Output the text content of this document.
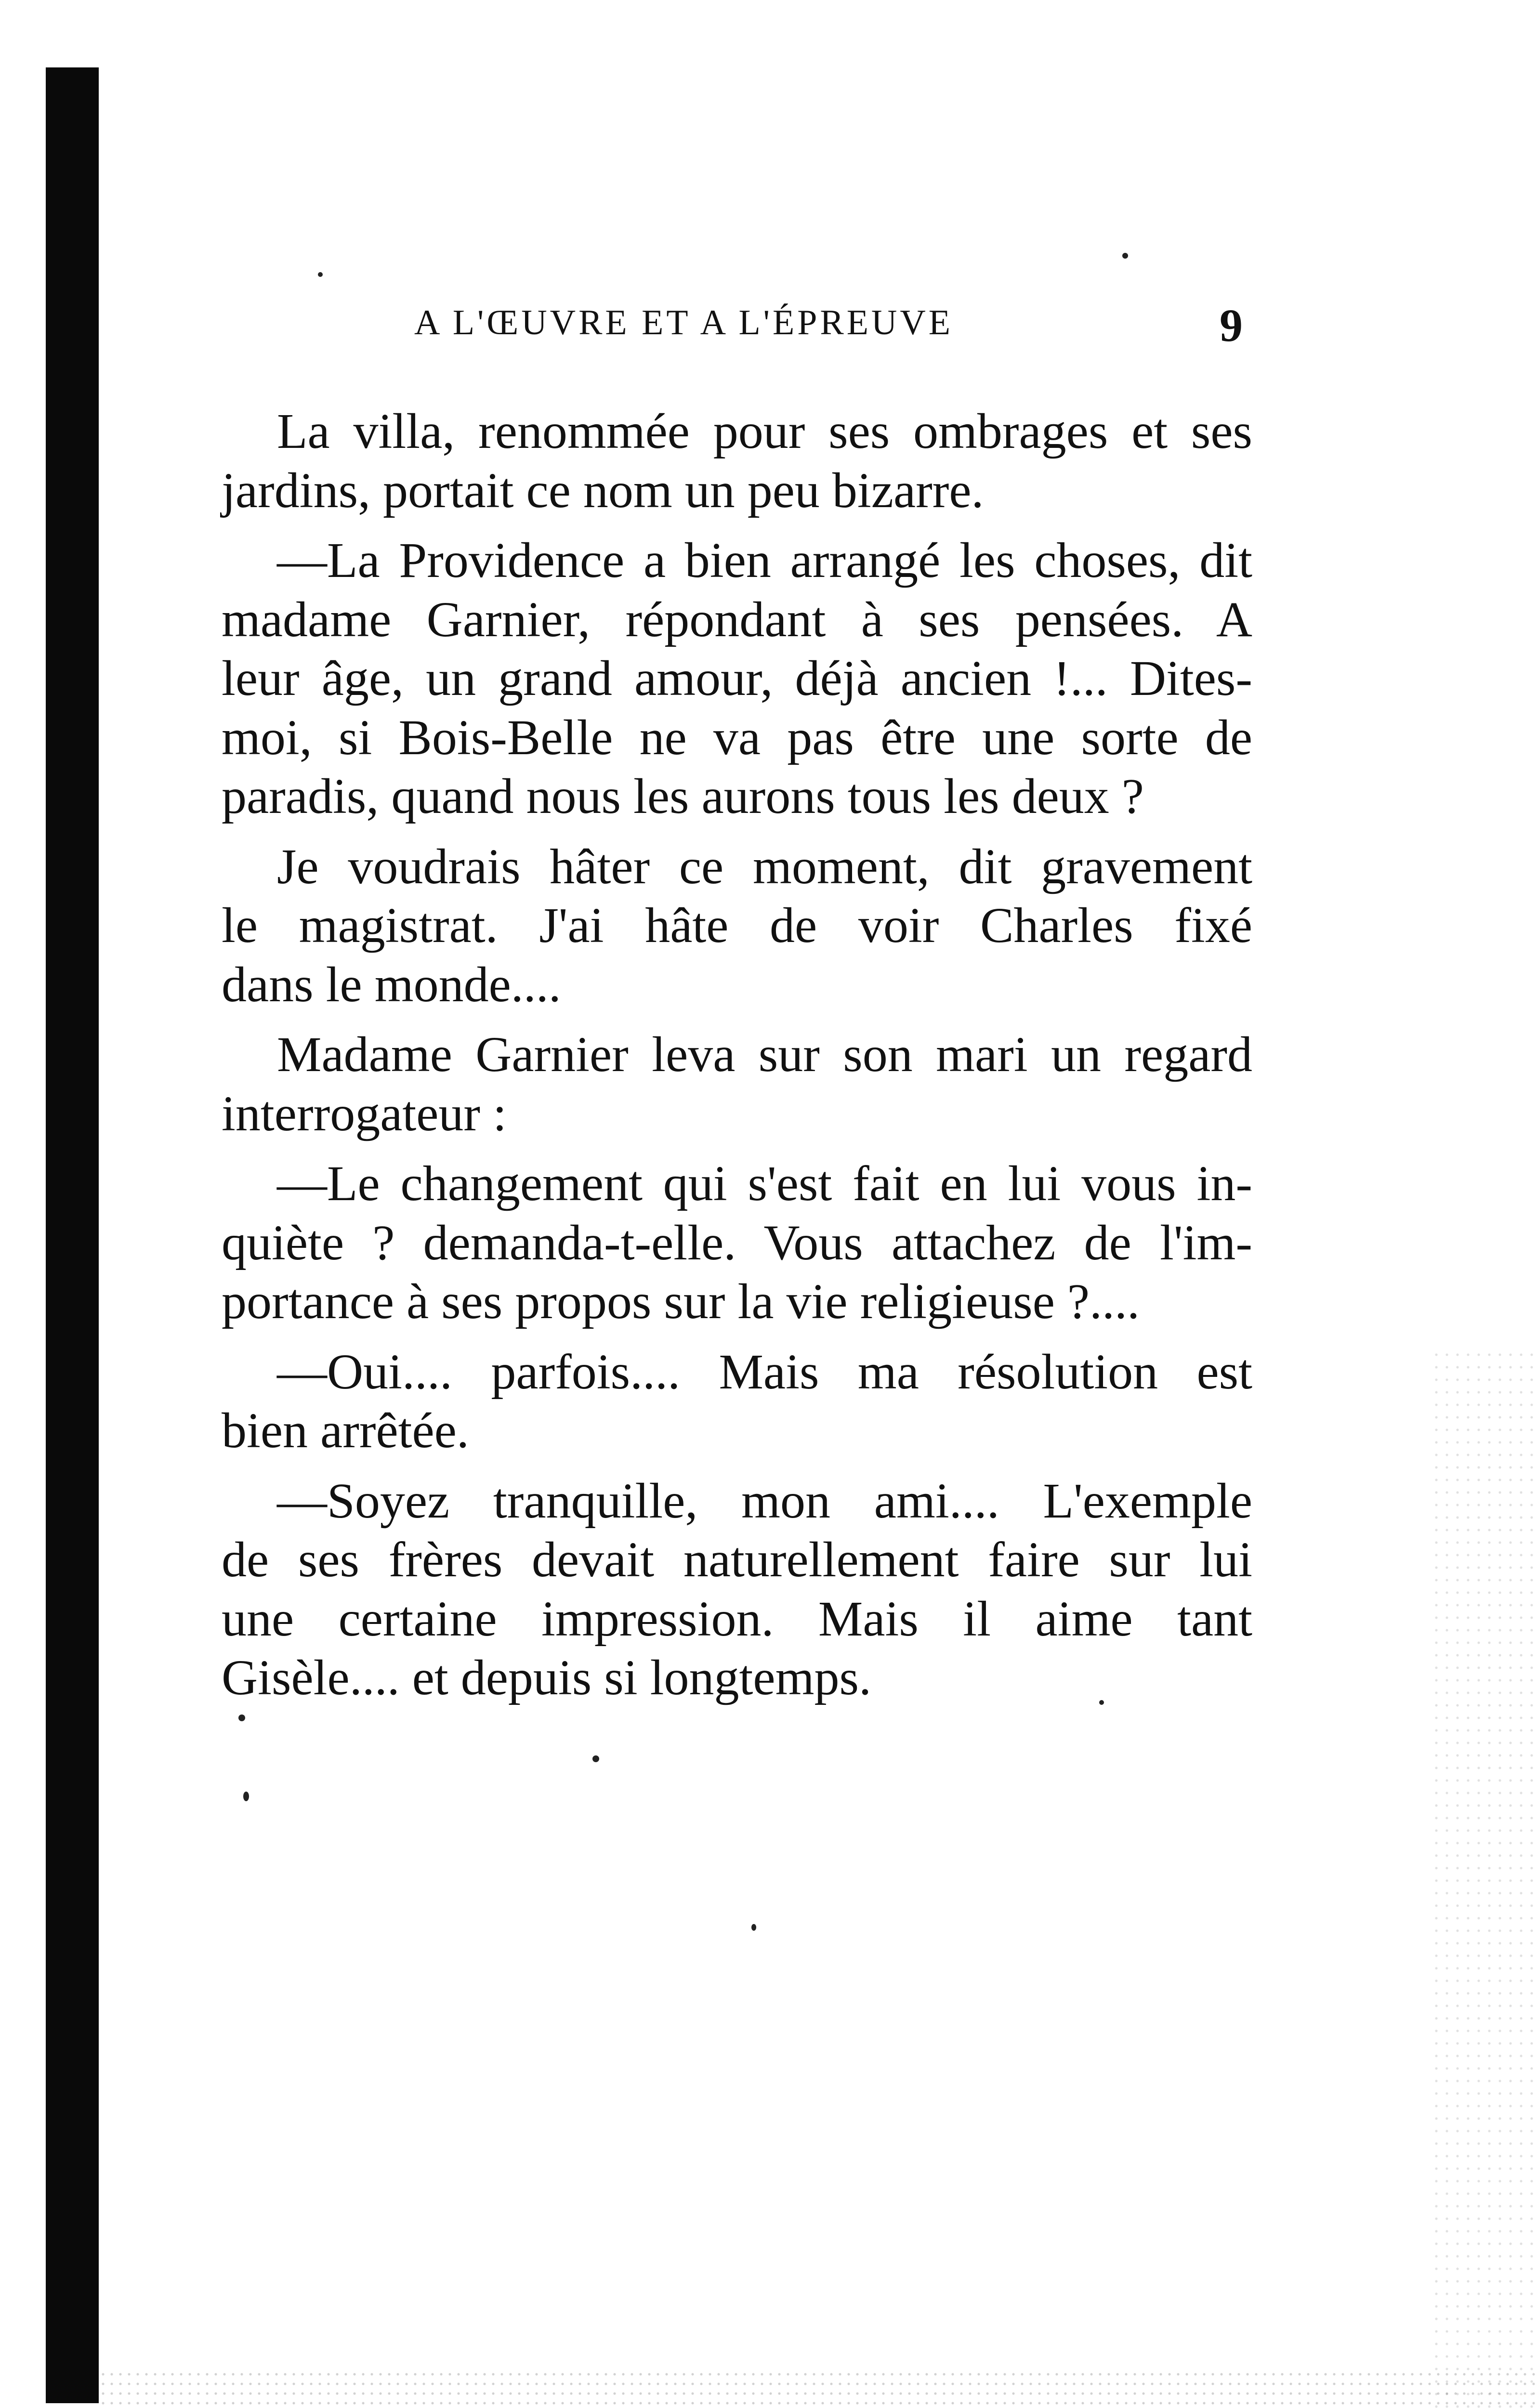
A L'ŒUVRE ET A L'ÉPREUVE	9
La villa, renommée pour ses ombrages et ses
jardins, portait ce nom un peu bizarre.
—La Providence a bien arrangé les choses, dit
madame Garnier, répondant à ses pensées. A
leur âge, un grand amour, déjà ancien !... Dites-
moi, si Bois-Belle ne va pas être une sorte de
paradis, quand nous les aurons tous les deux ?
Je voudrais hâter ce moment, dit gravement
le magistrat. J'ai hâte de voir Charles fixé
dans le monde....
Madame Garnier leva sur son mari un regard
interrogateur :
—Le changement qui s'est fait en lui vous in-
quiète ? demanda-t-elle. Vous attachez de l'im-
portance à ses propos sur la vie religieuse ?....
—Oui.... parfois.... Mais ma résolution est
bien arrêtée.
—Soyez tranquille, mon ami.... L'exemple
de ses frères devait naturellement faire sur lui
une certaine impression. Mais il aime tant
Gisèle.... et depuis si longtemps.
